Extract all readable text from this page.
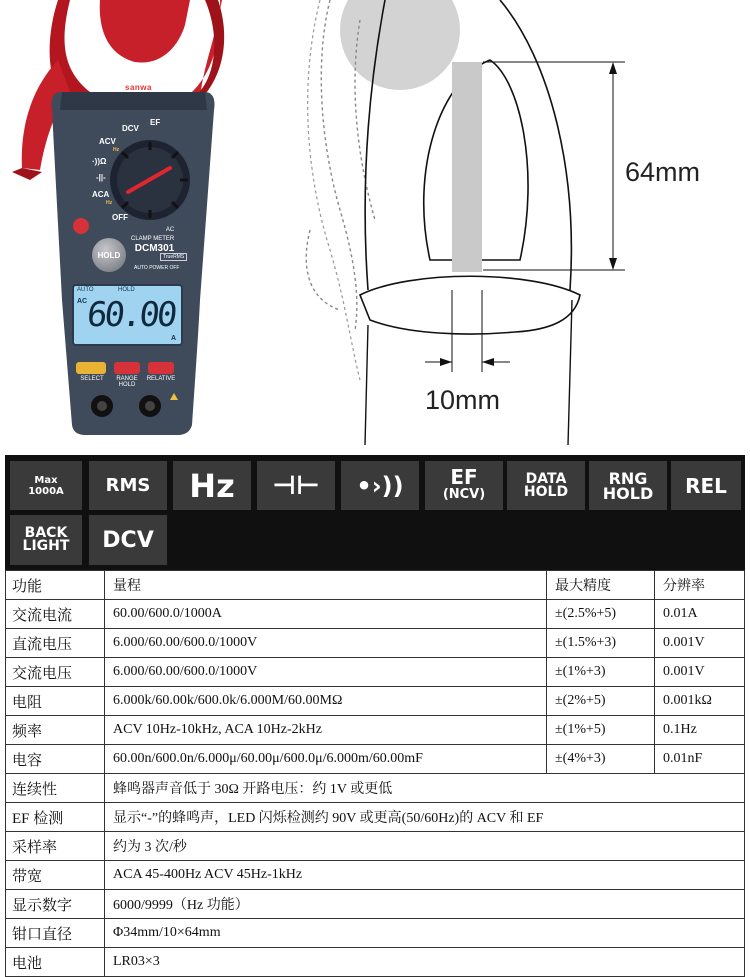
sanwa
DCV
EF
ACV
Hz
·))Ω
-||-
ACA
Hz
OFF
AC
CLAMP METER
DCM301
TrueRMS
AUTO POWER OFF
HOLD
AUTO	HOLD
AC
60.00
A
SELECT	RANGE HOLD
RELATIVE
64mm
10mm
Max
1000A	RMS	Hz	⊣⊢	•›))	EF
(NCV)
DATA
HOLD
RNG
HOLD	REL
BACK
LIGHT	DCV
功能	量程	最大精度	分辨率
交流电流	60.00/600.0/1000A	±(2.5%+5)	0.01A
直流电压	6.000/60.00/600.0/1000V	±(1.5%+3)	0.001V
交流电压	6.000/60.00/600.0/1000V	±(1%+3)	0.001V
电阻	6.000k/60.00k/600.0k/6.000M/60.00MΩ	±(2%+5)	0.001kΩ
频率	ACV 10Hz-10kHz, ACA 10Hz-2kHz	±(1%+5)	0.1Hz
电容	60.00n/600.0n/6.000μ/60.00μ/600.0μ/6.000m/60.00mF	±(4%+3)	0.01nF
连续性	蜂鸣器声音低于 30Ω 开路电压：约 1V 或更低		
EF 检测	显示“-”的蜂鸣声，LED 闪烁检测约 90V 或更高(50/60Hz)的 ACV 和 EF		
采样率	约为 3 次/秒		
带宽	ACA 45-400Hz ACV 45Hz-1kHz		
显示数字	6000/9999（Hz 功能）		
钳口直径	Φ34mm/10×64mm		
电池	LR03×3		
